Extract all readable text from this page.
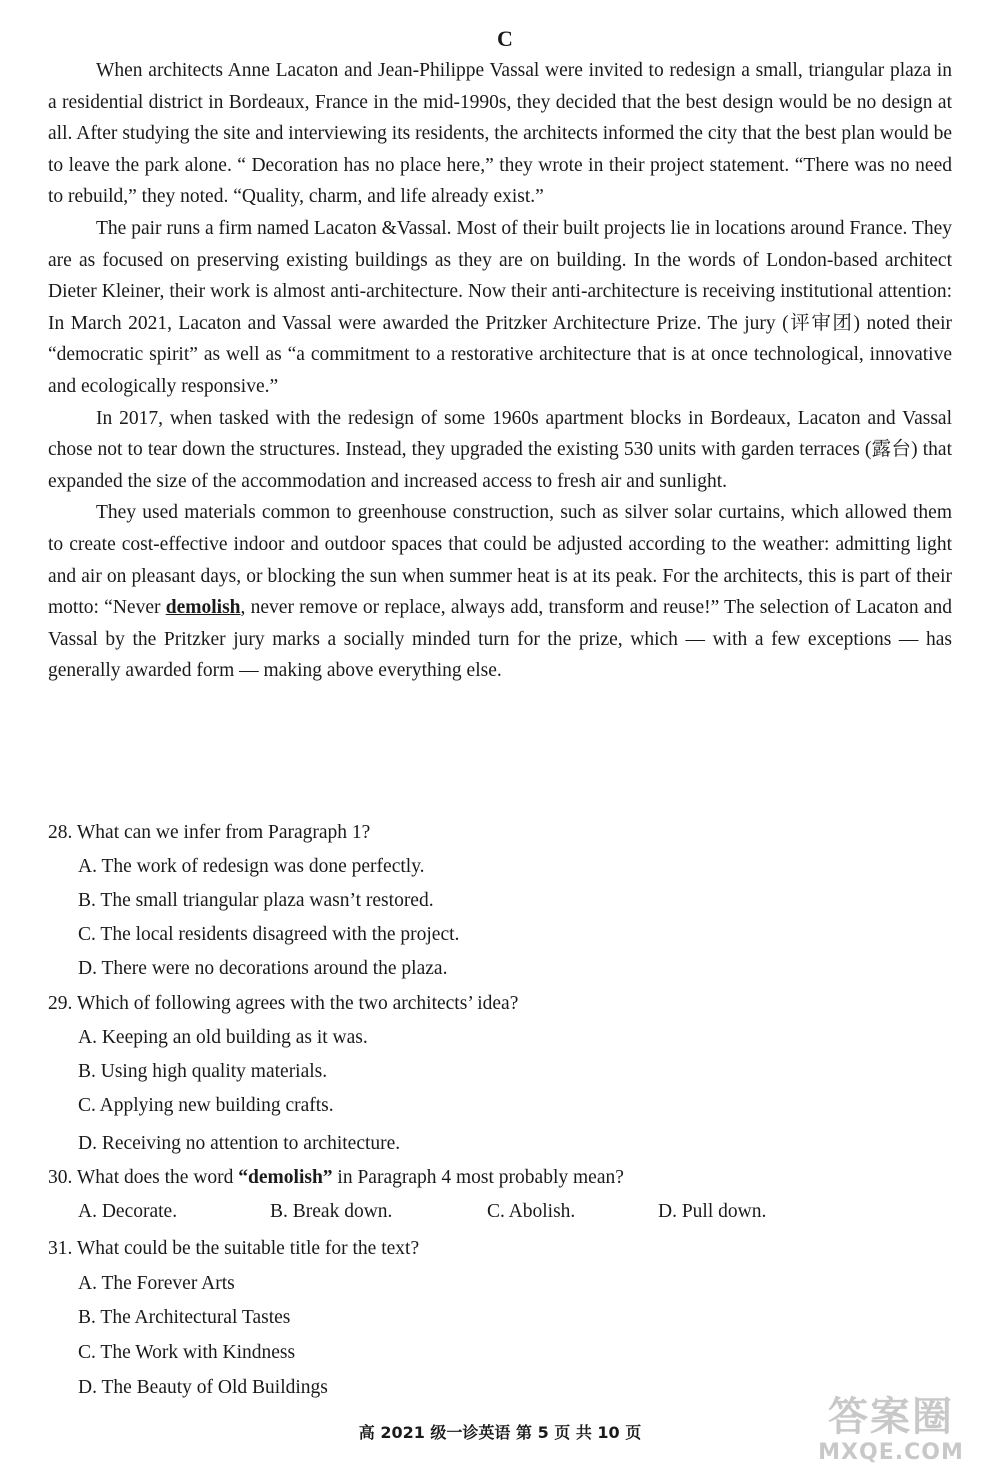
C

When architects Anne Lacaton and Jean-Philippe Vassal were invited to redesign a small, triangular plaza in a residential district in Bordeaux, France in the mid-1990s, they decided that the best design would be no design at all. After studying the site and interviewing its residents, the architects informed the city that the best plan would be to leave the park alone. “ Decoration has no place here,” they wrote in their project statement. “There was no need to rebuild,” they noted. “Quality, charm, and life already exist.”

The pair runs a firm named Lacaton &Vassal. Most of their built projects lie in locations around France. They are as focused on preserving existing buildings as they are on building. In the words of London-based architect Dieter Kleiner, their work is almost anti-architecture. Now their anti-architecture is receiving institutional attention: In March 2021, Lacaton and Vassal were awarded the Pritzker Architecture Prize. The jury (评审团) noted their “democratic spirit” as well as “a commitment to a restorative architecture that is at once technological, innovative and ecologically responsive.”

In 2017, when tasked with the redesign of some 1960s apartment blocks in Bordeaux, Lacaton and Vassal chose not to tear down the structures. Instead, they upgraded the existing 530 units with garden terraces (露台) that expanded the size of the accommodation and increased access to fresh air and sunlight.

They used materials common to greenhouse construction, such as silver solar curtains, which allowed them to create cost-effective indoor and outdoor spaces that could be adjusted according to the weather: admitting light and air on pleasant days, or blocking the sun when summer heat is at its peak. For the architects, this is part of their motto: “Never demolish, never remove or replace, always add, transform and reuse!” The selection of Lacaton and Vassal by the Pritzker jury marks a socially minded turn for the prize, which — with a few exceptions — has generally awarded form — making above everything else.

28. What can we infer from Paragraph 1?
A. The work of redesign was done perfectly.
B. The small triangular plaza wasn’t restored.
C. The local residents disagreed with the project.
D. There were no decorations around the plaza.
29. Which of following agrees with the two architects’ idea?
A. Keeping an old building as it was.
B. Using high quality materials.
C. Applying new building crafts.
D. Receiving no attention to architecture.
30. What does the word “demolish” in Paragraph 4 most probably mean?
A. Decorate.	B. Break down.	C. Abolish.	D. Pull down.
31. What could be the suitable title for the text?
A. The Forever Arts
B. The Architectural Tastes
C. The Work with Kindness
D. The Beauty of Old Buildings
高 2021 级一诊英语 第 5 页 共 10 页	答案圈
MXQE.COM
